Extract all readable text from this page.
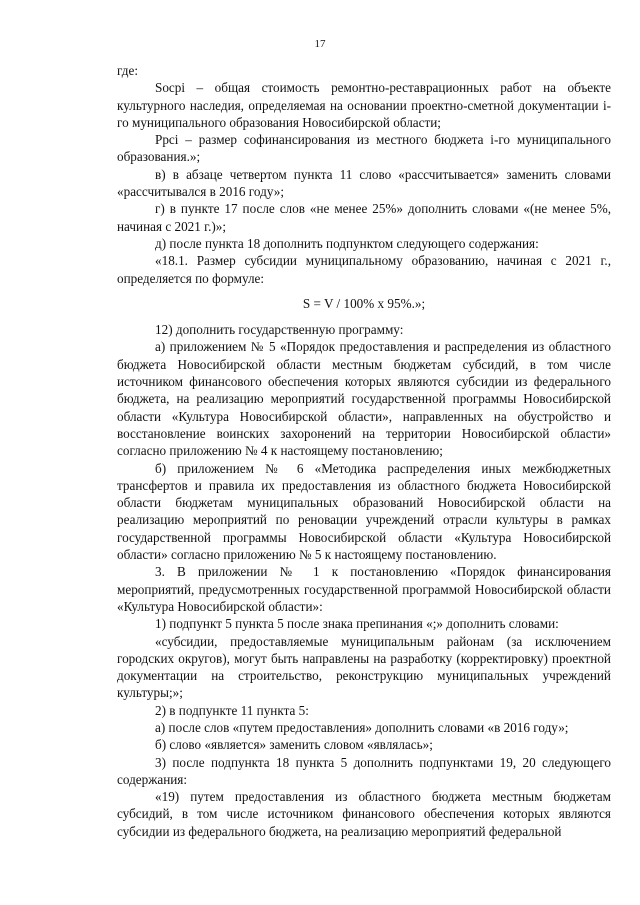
17

где:

Socpi – общая стоимость ремонтно-реставрационных работ на объекте культурного наследия, определяемая на основании проектно-сметной документации i-го муниципального образования Новосибирской области;

Ppci – размер софинансирования из местного бюджета i-го муниципального образования.»;

в) в абзаце четвертом пункта 11 слово «рассчитывается» заменить словами «рассчитывался в 2016 году»;

г) в пункте 17 после слов «не менее 25%» дополнить словами «(не менее 5%, начиная с 2021 г.)»;

д) после пункта 18 дополнить подпунктом следующего содержания:

«18.1. Размер субсидии муниципальному образованию, начиная с 2021 г., определяется по формуле:

S = V / 100% x 95%.»;

12) дополнить государственную программу:

а) приложением № 5 «Порядок предоставления и распределения из областного бюджета Новосибирской области местным бюджетам субсидий, в том числе источником финансового обеспечения которых являются субсидии из федерального бюджета, на реализацию мероприятий государственной программы Новосибирской области «Культура Новосибирской области», направленных на обустройство и восстановление воинских захоронений на территории Новосибирской области» согласно приложению № 4 к настоящему постановлению;

б) приложением № 6 «Методика распределения иных межбюджетных трансфертов и правила их предоставления из областного бюджета Новосибирской области бюджетам муниципальных образований Новосибирской области на реализацию мероприятий по реновации учреждений отрасли культуры в рамках государственной программы Новосибирской области «Культура Новосибирской области» согласно приложению № 5 к настоящему постановлению.

3. В приложении № 1 к постановлению «Порядок финансирования мероприятий, предусмотренных государственной программой Новосибирской области «Культура Новосибирской области»:

1) подпункт 5 пункта 5 после знака препинания «;» дополнить словами:

«субсидии, предоставляемые муниципальным районам (за исключением городских округов), могут быть направлены на разработку (корректировку) проектной документации на строительство, реконструкцию муниципальных учреждений культуры;»;

2) в подпункте 11 пункта 5:

а) после слов «путем предоставления» дополнить словами «в 2016 году»;

б) слово «является» заменить словом «являлась»;

3) после подпункта 18 пункта 5 дополнить подпунктами 19, 20 следующего содержания:

«19) путем предоставления из областного бюджета местным бюджетам субсидий, в том числе источником финансового обеспечения которых являются субсидии из федерального бюджета, на реализацию мероприятий федеральной
